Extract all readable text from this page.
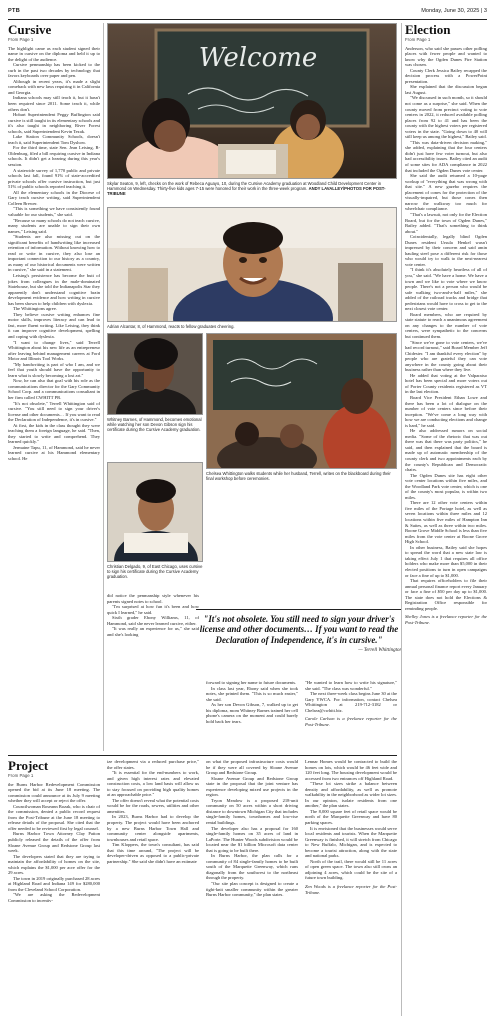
PTB	Monday, June 30, 2025 | 3
Cursive
From Page 1

The highlight came as each student signed their name in cursive on the diploma and held it up to the delight of the audience.

Cursive penmanship has been kicked to the curb in the past two decades by technology that favors keyboards over paper and pen.

Although in recent years, it's made a slight comeback with new laws requiring it in California and Georgia.

Indiana schools may still teach it, but it hasn't been required since 2011. Some teach it, while others don't.

Hobart Superintendent Peggy Buffington said cursive is still taught in its elementary schools and it's also taught in neighboring River Forest schools, said Superintendent Kevin Tezak.

Lake Station Community Schools, doesn't teach it, said Superintendent Tom Dyshow.

For the third time, state Sen. Jean Leising, R-Oldenburg, filed a bill requiring cursive in Indiana schools. It didn't get a hearing during this year's session.

A statewide survey of 1,770 public and private schools last fall, found 91% of state-accredited private schools offer cursive instruction, but just 51% of public schools reported teaching it.

All the elementary schools in the Diocese of Gary teach cursive writing, said Superintendent Colleen Brewer.

"This is something we have consistently found valuable for our students," she said.

"Because so many schools do not teach cursive, many students are unable to sign their own names," Leising said.

"Students are also missing out on the significant benefits of handwriting like increased retention of information. Without knowing how to read or write in cursive, they also lose an important connection to our history as a country, as many of our historical documents were written in cursive," she said in a statement.

Leising's persistence has become the butt of jokes from colleagues in the male-dominated Statehouse, but she told the Indianapolis Star they apparently don't understand cognitive brain development evidence and how writing in cursive has been shown to help children with dyslexia.

The Whittingtons agree.

They believe cursive writing enhances fine motor skills, improves literacy and can lead to fast, more fluent writing. Like Leising, they think it can improve cognitive development, spelling and coping with dyslexia.

"I want to change lives," said Terrell Whittington about his new life as an entrepreneur after leaving behind management careers at Ford Motor and Illinois Tool Works.

"My handwriting is part of who I am, and we feel that youth should have the opportunity to learn what is slowly becoming a lost art."

Now, he can also that goal with his role as the communications director for the Gary Community School Corp. and a communications consultant in her firm called CWHITT PR.

"It's not obsolete," Terrell Whittington said of cursive. "You still need to sign your driver's license and other documents… If you want to read the Declaration of Independence, it's in cursive."

At first, the kids in the class thought they were teaching them a foreign language, he said. "Then, they started to write and comprehend. They learned quickly."

Jermaine Tapu, 11, of Hammond, said he never learned cursive at his Hammond elementary school. He

Welcome
Skylar Seaton, 9, left, checks on the work of Rebeca Aguayo, 10, during the Cursive Academy graduation at Woodland Child Development Center in Hammond on Wednesday. Thirty-five kids ages 7-15 were honored for their work in the three-week program. ANDY LAVALLEY/PHOTOS FOR POST-TRIBUNE
Adrian Alcantar, 8, of Hammond, reacts to fellow graduates cheering.
Whitney Barnes, of Hammond, becomes emotional while watching her son Devon Gibson sign his certificate during the Cursive Academy graduation.
Chelsea Whittington walks students while her husband, Terrell, writes on the blackboard during their final workshop before ceremonies.
Christian Delgado, 9, of East Chicago, uses cursive to sign his certificate during the Cursive Academy graduation.
"It's not obsolete. You still need to sign your driver's license and other documents… If you want to read the Declaration of Independence, it's in cursive."
— Terrell Whittington

did notice the penmanship style whenever his parents signed notes to school.

"I'm surprised at how fun it's been and how quick I learned," he said.

Sixth grader Ebony Williams, 11, of Hammond, said she never learned cursive, either.

"It was really an experience for us," she said and she's looking

forward to signing her name to future documents.

In class last year, Ebony said when she took notes, she printed them. "This is so much easier," she said.

As her son Devon Gibson, 7, walked up to get his diploma, mom Whitney Barnes trained her cell phone's camera on the moment and could barely hold back her tears.

"He wanted to learn how to write his signature," she said. "The class was wonderful."

The next three-week class begins June 30 at the Gary YWCA. For information, contact Chelsea Whittington at 219-712-3182 or Chelsea@cwhitt.biz.

Carole Carlson is a freelance reporter for the Post-Tribune.

Election
From Page 1

Anderson, who said she passes other polling places with fewer people and wanted to know why the Ogden Dunes Fire Station was chosen.

County Clerk Jessica Bailey recapped the decision process with a PowerPoint presentation.

She explained that the discussion began last August.

"We discussed in such month, so it should not come as a surprise," she said. When the county moved from precinct voting to vote centers in 2022, it reduced available polling places from 92 to 41 and has been the county with the highest voters per registered voters in the state. "Going down to 40 will still keep us among the highest," Bailey said.

"This was data-driven decision making," she added, explaining that the four centers didn't just have few voter turnout, but also had accessibility issues. Bailey cited an audit of some sites for ADA compliance in 2022 that included the Ogden Dunes vote center.

She said the audit returned a 10-page workup of "everything that was wrong with that site." A new gazebo requires the placement of cones for the protection of the visually-impaired, but those cones then narrow the walkway too much for wheelchair compliance.

"That's a lawsuit, not only for the Election Board, but for the town of Ogden Dunes," Bailey added. "That's something to think about."

Coincidentally, legally blind Ogden Dunes resident Ursula Henkel wasn't impressed by their concern and said amin hauling steel pose a different risk for those who would try to walk to the next-nearest vote center.

"I think it's absolutely heartless of all of you," she said. "We have a home. We have a town and we like to vote where we know people. There's not a person who would be safe walking two-and-a-half miles," she added of the railroad tracks and bridge that pedestrians would have to cross to get to the next closest vote center.

Board members, who are required by state statute to reach a unanimous agreement on any changes to the number of vote centers, were sympathetic to the concerns but continued them.

"Since we've gone to vote centers, we've had record turnout," said Board Member Jeff Chidester. "I am thankful every election" by people who are grateful they can vote anywhere in the county going about their business rather than where they live.

He added that voting at the Valparaiso hotel has been special and more voters out of Porter County residents registered as VT in the last election.

Board Vice President Ethan Lowe and there has been a lot of dialogue on the number of vote centers since before their inception. "We've come a long way with how we are conducting elections and change is hard," he said.

He also addressed rumors on social media. "Some of the rhetoric that was out there was that there was party politics," he said, and then explained that the board is made up of automatic membership of the county clerk and two appointments each by the county's Republican and Democratic chairs.

The Ogden Dunes site has eight other vote center locations within five miles, and the Woodland Park vote center, which is one of the county's most popular, is within two miles.

There are 12 other vote centers within five miles of the Portage hotel, as well as seven locations within three miles and 12 locations within five miles of Hampton Inn & Suites, as well as three within two miles. Boone Grove Middle School is less than five miles from the vote center at Boone Grove High School.

In other business, Bailey said she hopes to spread the word that a new state law is taking effect July 1 that requires all office holders who make more than $5,000 in their elected positions to turn in open campaigns or face a fine of up to $1,000.

That requires officeholders to file their annual personal finance report every January or face a fine of $50 per day up to $1,000. The state does not hold the Elections & Registration Office responsible for reminding people.

Shelley Jones is a freelance reporter for the Post-Tribune.

Project
From Page 1

the Burns Harbor Redevelopment Commission opened the bid at its June 18 meeting. The commission could announce at its July 9 meeting whether they will accept or reject the offer.

Councilwoman Roseann Bozak, who is chair of the commission, denied a public record request from the Post-Tribune at the June 18 meeting to release details of the proposal. She cited that the offer needed to be reviewed first by legal counsel.

Burns Harbor Town Attorney Clay Patton publicly released the details of the offer from Sloane Avenue Group and Redstone Group last week.

The developers stated that they are trying to maintain the affordability of homes on the site, which explains the $1,000 per acre offer for the 29 acres.

The town in 2019 originally purchased 28 acres at Highland Road and Indiana 149 for $280,000 from the Cleveland School Corporation.

"We are asking the Redevelopment Commission to incentiv-

ize development via a reduced purchase price," the offer states.

"It is essential for the end-numbers to work, and given high interest rates and elevated construction costs, a low land basis will allow us to stay focused on providing high quality homes at an approachable price."

The offer doesn't reveal what the potential costs would be for the roads, sewers, utilities and other amenities.

In 2023, Burns Harbor had to develop the property. The project would have been anchored by a new Burns Harbor Town Hall and community center alongside apartments, townhouses and retail space.

Tim Kloppers, the town's consultant, has said that this time around, "The project will be developer-driven as opposed to a public-private partnership." She said she didn't have an estimate

on what the proposed infrastructure costs would be if they were all covered by Sloane Avenue Group and Redstone Group.

Sloane Avenue Group and Redstone Group state in the proposal that the joint venture has experience developing mixed use projects in the region.

Tryon Meadow is a proposed 218-unit community on 50 acres within a short driving distance to downtown Michigan City that includes single-family homes, townhomes and low-rise rental buildings.

The developer also has a proposal for 160 single-family homes on 35 acres of land in LaPorte. The Hunter Woods subdivision would be located near the $1 billion Microsoft data center that is going to be built there.

In Burns Harbor, the plan calls for a community of 84 single-family homes to be built south of the Marquette Greenway, which runs diagonally from the southwest to the northeast through the property.

"Our site plan concept is designed to create a tight-knit smaller community within the greater Burns Harbor community," the plan states.

Lennar Homes would be contracted to build the homes on lots, which would be 46 feet wide and 120 feet long. The housing development would be accessed from two entrances off Highland Road.

"These lot sizes strike a balance between density and affordability, as well as promote walkability in the neighborhood as wider lot sizes. In our opinion, isolate residents from one another," the plan states.

The 8,000 square feet of retail space would be north of the Marquette Greenway and have 80 parking spaces.

It is envisioned that the businesses would serve local residents and tourists. When the Marquette Greenway is finished, it will stretch from Chicago to New Buffalo, Michigan, and is expected to become a tourist attraction, along with the state and national parks.

North of the trail, there would still be 11 acres of open green space. The town also still owns an adjoining 4 acres, which could be the site of a future town building.

Zen Woods is a freelance reporter for the Post-Tribune.
